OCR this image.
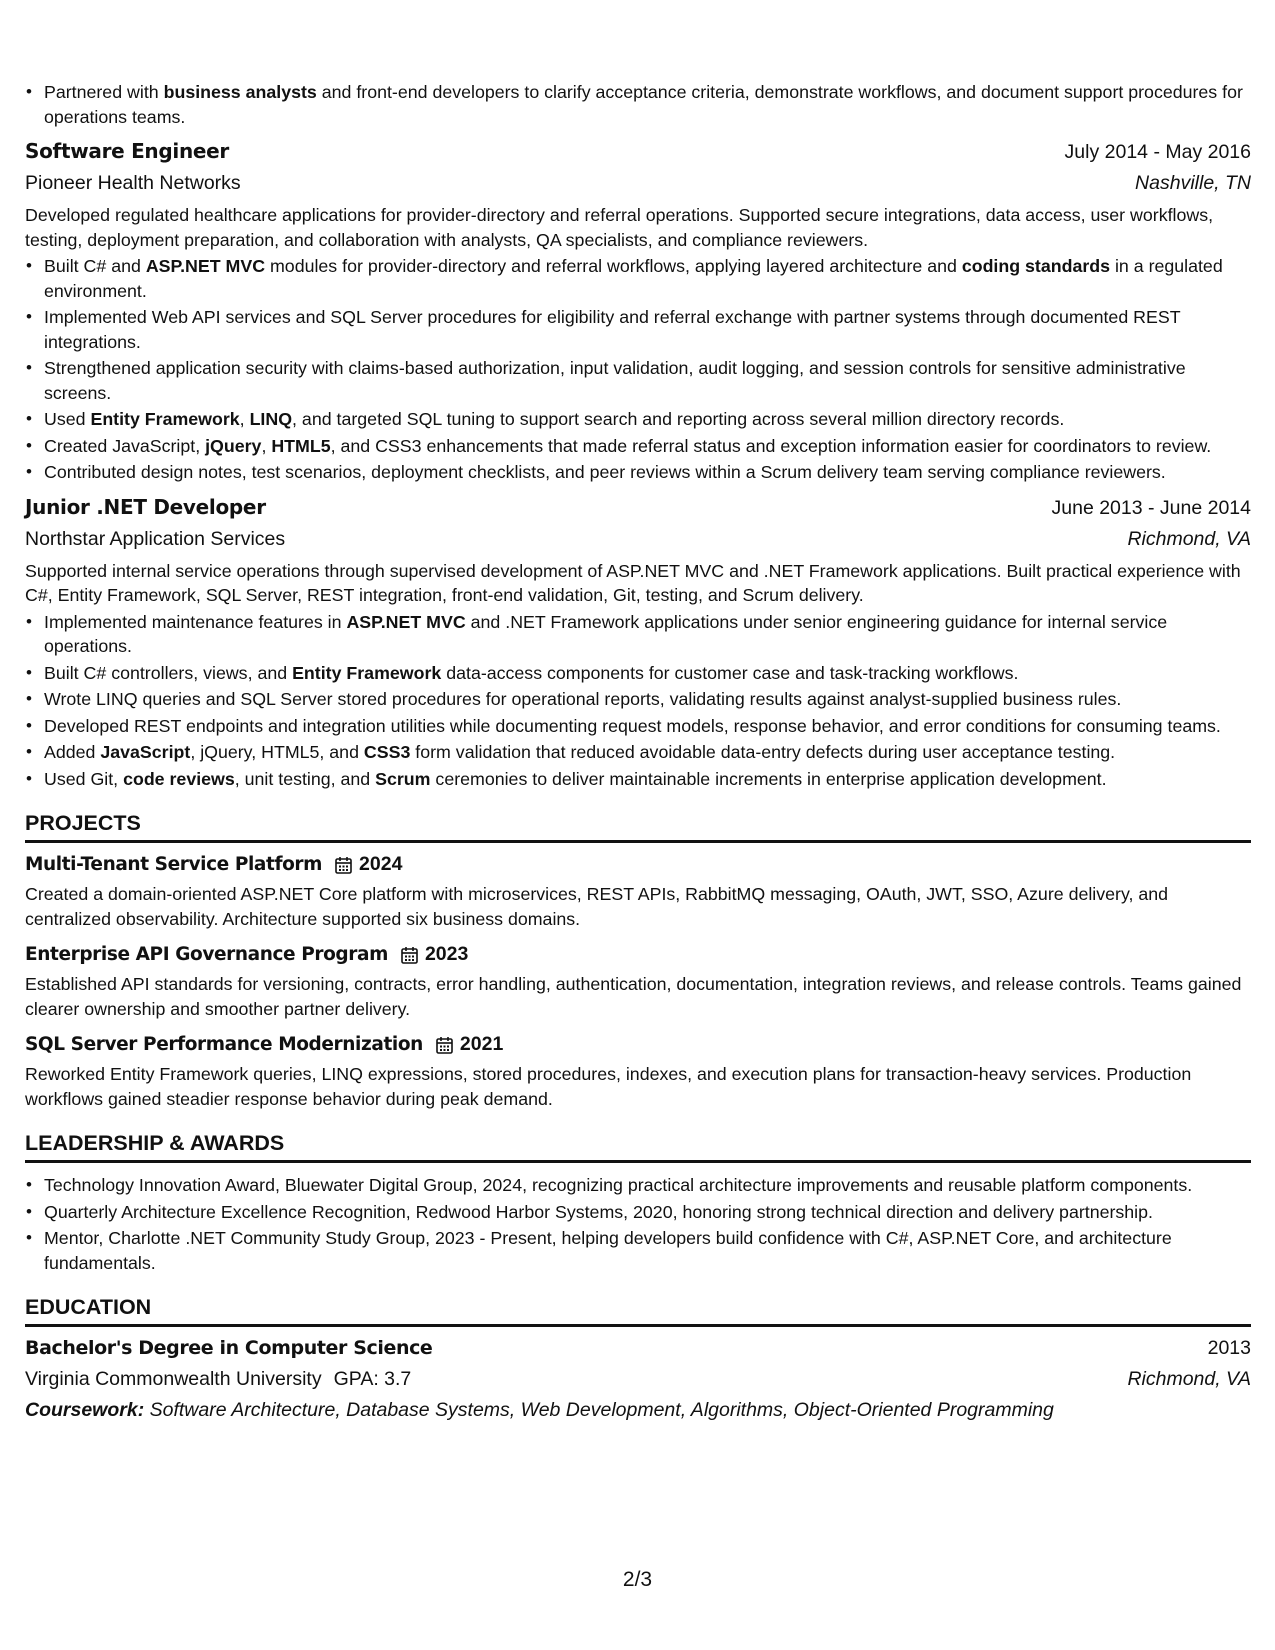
• Partnered with business analysts and front-end developers to clarify acceptance criteria, demonstrate workflows, and document support procedures for operations teams.
Software Engineer	July 2014 - May 2016
Pioneer Health Networks	Nashville, TN
Developed regulated healthcare applications for provider-directory and referral operations. Supported secure integrations, data access, user workflows, testing, deployment preparation, and collaboration with analysts, QA specialists, and compliance reviewers.
• Built C# and ASP.NET MVC modules for provider-directory and referral workflows, applying layered architecture and coding standards in a regulated environment.
• Implemented Web API services and SQL Server procedures for eligibility and referral exchange with partner systems through documented REST integrations.
• Strengthened application security with claims-based authorization, input validation, audit logging, and session controls for sensitive administrative screens.
• Used Entity Framework, LINQ, and targeted SQL tuning to support search and reporting across several million directory records.
• Created JavaScript, jQuery, HTML5, and CSS3 enhancements that made referral status and exception information easier for coordinators to review.
• Contributed design notes, test scenarios, deployment checklists, and peer reviews within a Scrum delivery team serving compliance reviewers.
Junior .NET Developer	June 2013 - June 2014
Northstar Application Services	Richmond, VA
Supported internal service operations through supervised development of ASP.NET MVC and .NET Framework applications. Built practical experience with C#, Entity Framework, SQL Server, REST integration, front-end validation, Git, testing, and Scrum delivery.
• Implemented maintenance features in ASP.NET MVC and .NET Framework applications under senior engineering guidance for internal service operations.
• Built C# controllers, views, and Entity Framework data-access components for customer case and task-tracking workflows.
• Wrote LINQ queries and SQL Server stored procedures for operational reports, validating results against analyst-supplied business rules.
• Developed REST endpoints and integration utilities while documenting request models, response behavior, and error conditions for consuming teams.
• Added JavaScript, jQuery, HTML5, and CSS3 form validation that reduced avoidable data-entry defects during user acceptance testing.
• Used Git, code reviews, unit testing, and Scrum ceremonies to deliver maintainable increments in enterprise application development.
PROJECTS
Multi-Tenant Service Platform 2024
Created a domain-oriented ASP.NET Core platform with microservices, REST APIs, RabbitMQ messaging, OAuth, JWT, SSO, Azure delivery, and centralized observability. Architecture supported six business domains.
Enterprise API Governance Program 2023
Established API standards for versioning, contracts, error handling, authentication, documentation, integration reviews, and release controls. Teams gained clearer ownership and smoother partner delivery.
SQL Server Performance Modernization 2021
Reworked Entity Framework queries, LINQ expressions, stored procedures, indexes, and execution plans for transaction-heavy services. Production workflows gained steadier response behavior during peak demand.
LEADERSHIP & AWARDS
• Technology Innovation Award, Bluewater Digital Group, 2024, recognizing practical architecture improvements and reusable platform components.
• Quarterly Architecture Excellence Recognition, Redwood Harbor Systems, 2020, honoring strong technical direction and delivery partnership.
• Mentor, Charlotte .NET Community Study Group, 2023 - Present, helping developers build confidence with C#, ASP.NET Core, and architecture fundamentals.
EDUCATION
Bachelor's Degree in Computer Science	2013
Virginia Commonwealth University GPA: 3.7	Richmond, VA
Coursework: Software Architecture, Database Systems, Web Development, Algorithms, Object-Oriented Programming
2/3
